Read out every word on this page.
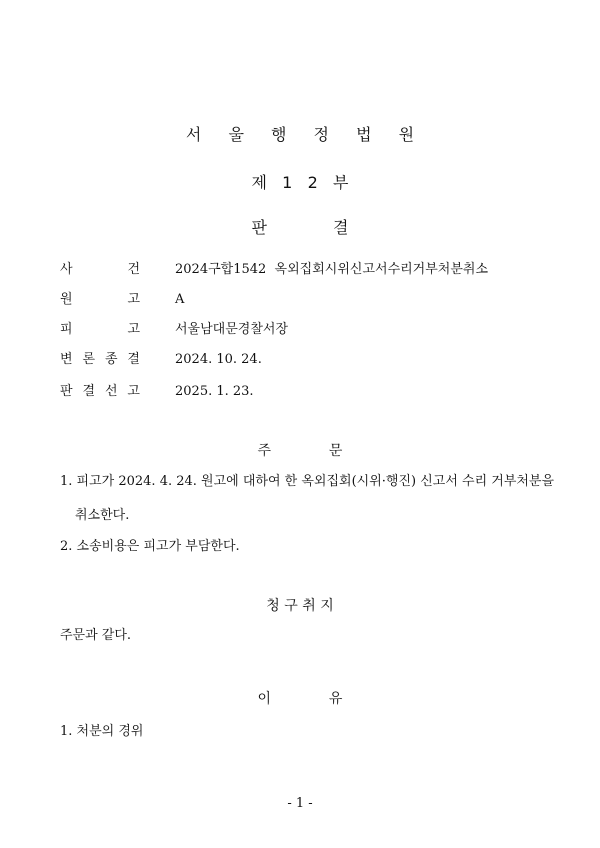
서 울 행 정 법 원
제   1   2   부
판             결
사	건	2024구합1542  옥외집회시위신고서수리거부처분취소
원	고	A
피	고	서울남대문경찰서장
변 론 종 결	2024. 10. 24.
판 결 선 고	2025. 1. 23.
주             문
1. 피고가 2024. 4. 24. 원고에 대하여 한 옥외집회(시위·행진) 신고서 수리 거부처분을
취소한다.
2. 소송비용은 피고가 부담한다.
청 구 취 지
주문과 같다.
이             유
1. 처분의 경위
- 1 -
